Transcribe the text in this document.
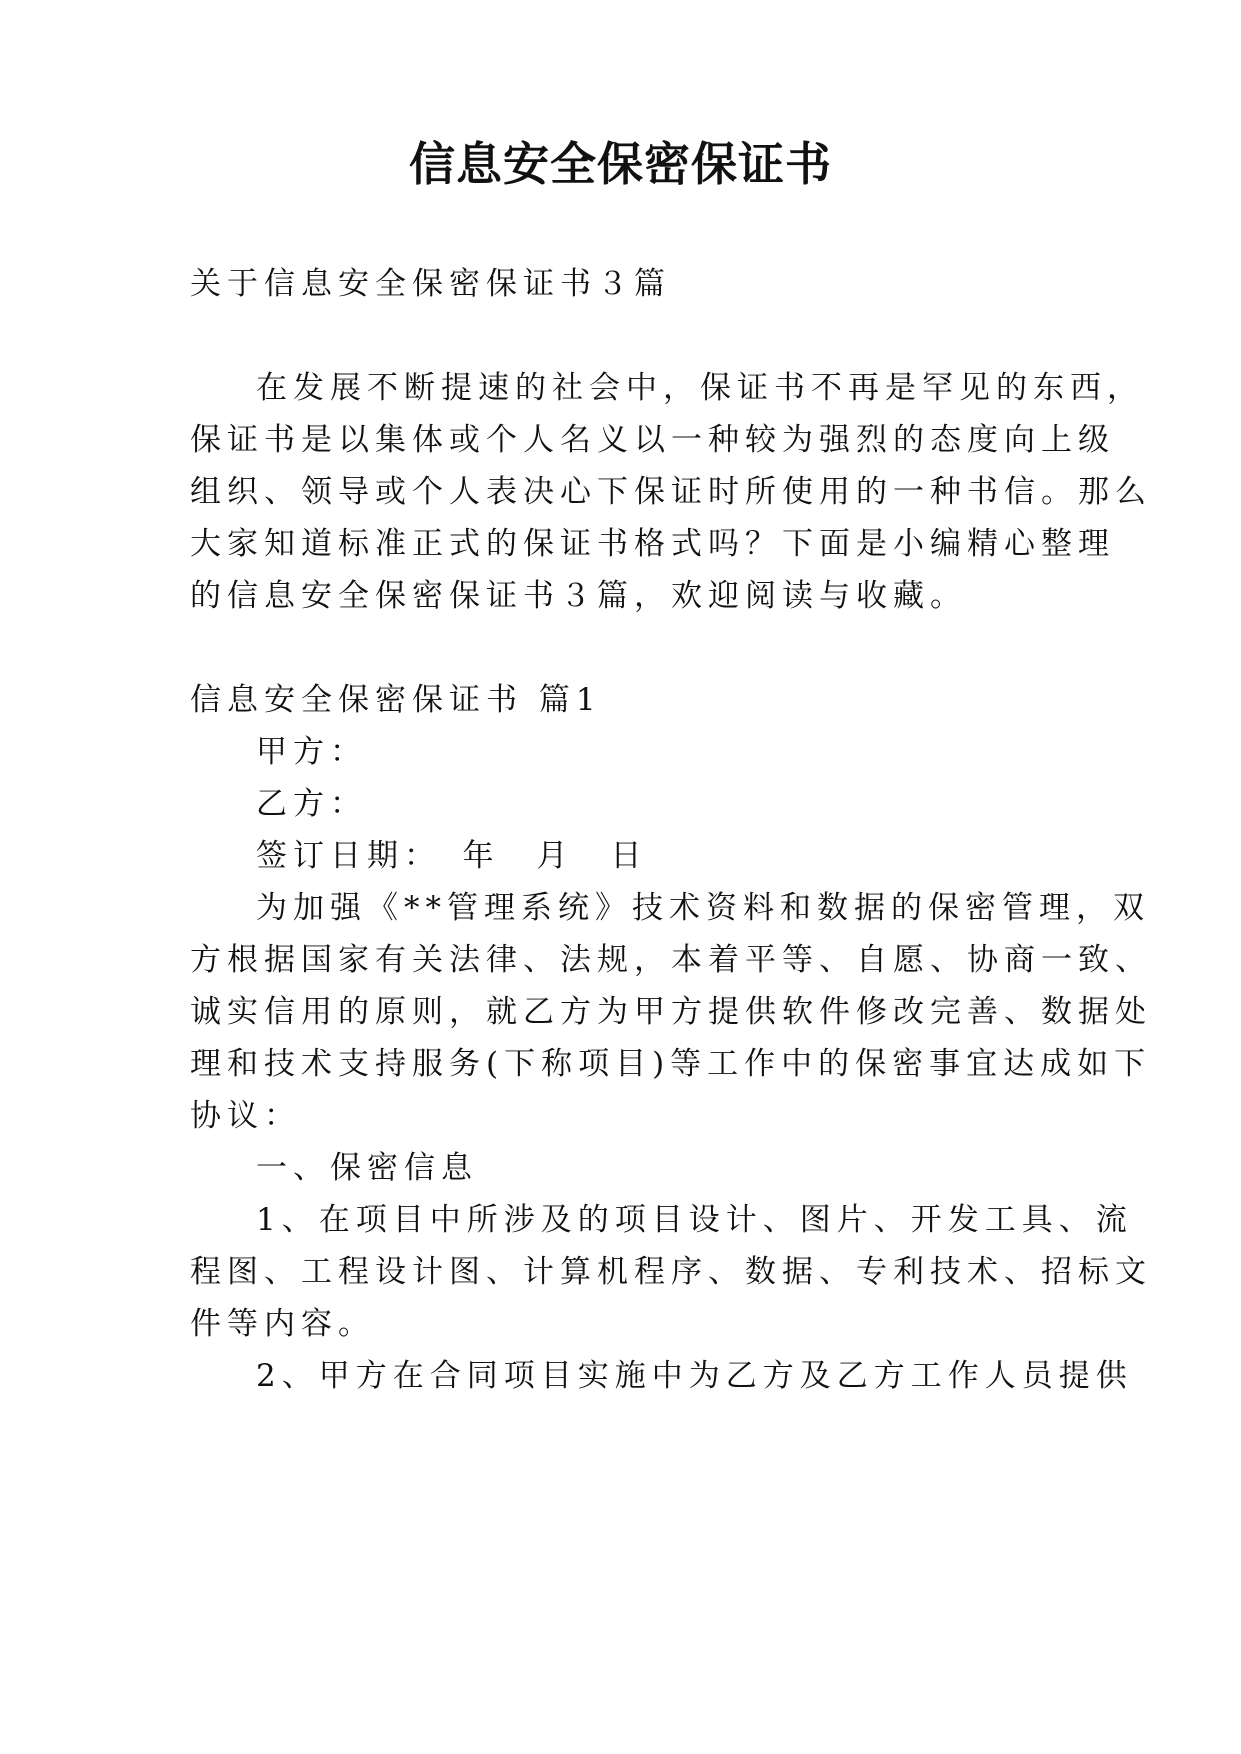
信息安全保密保证书
关于信息安全保密保证书３篇
在发展不断提速的社会中，保证书不再是罕见的东西，
保证书是以集体或个人名义以一种较为强烈的态度向上级
组织、领导或个人表决心下保证时所使用的一种书信。那么
大家知道标准正式的保证书格式吗？下面是小编精心整理
的信息安全保密保证书３篇，欢迎阅读与收藏。
信息安全保密保证书 篇1
甲方：
乙方：
签订日期：　年　月　日
为加强《**管理系统》技术资料和数据的保密管理，双
方根据国家有关法律、法规，本着平等、自愿、协商一致、
诚实信用的原则，就乙方为甲方提供软件修改完善、数据处
理和技术支持服务(下称项目)等工作中的保密事宜达成如下
协议：
一、保密信息
1、在项目中所涉及的项目设计、图片、开发工具、流
程图、工程设计图、计算机程序、数据、专利技术、招标文
件等内容。
2、甲方在合同项目实施中为乙方及乙方工作人员提供
